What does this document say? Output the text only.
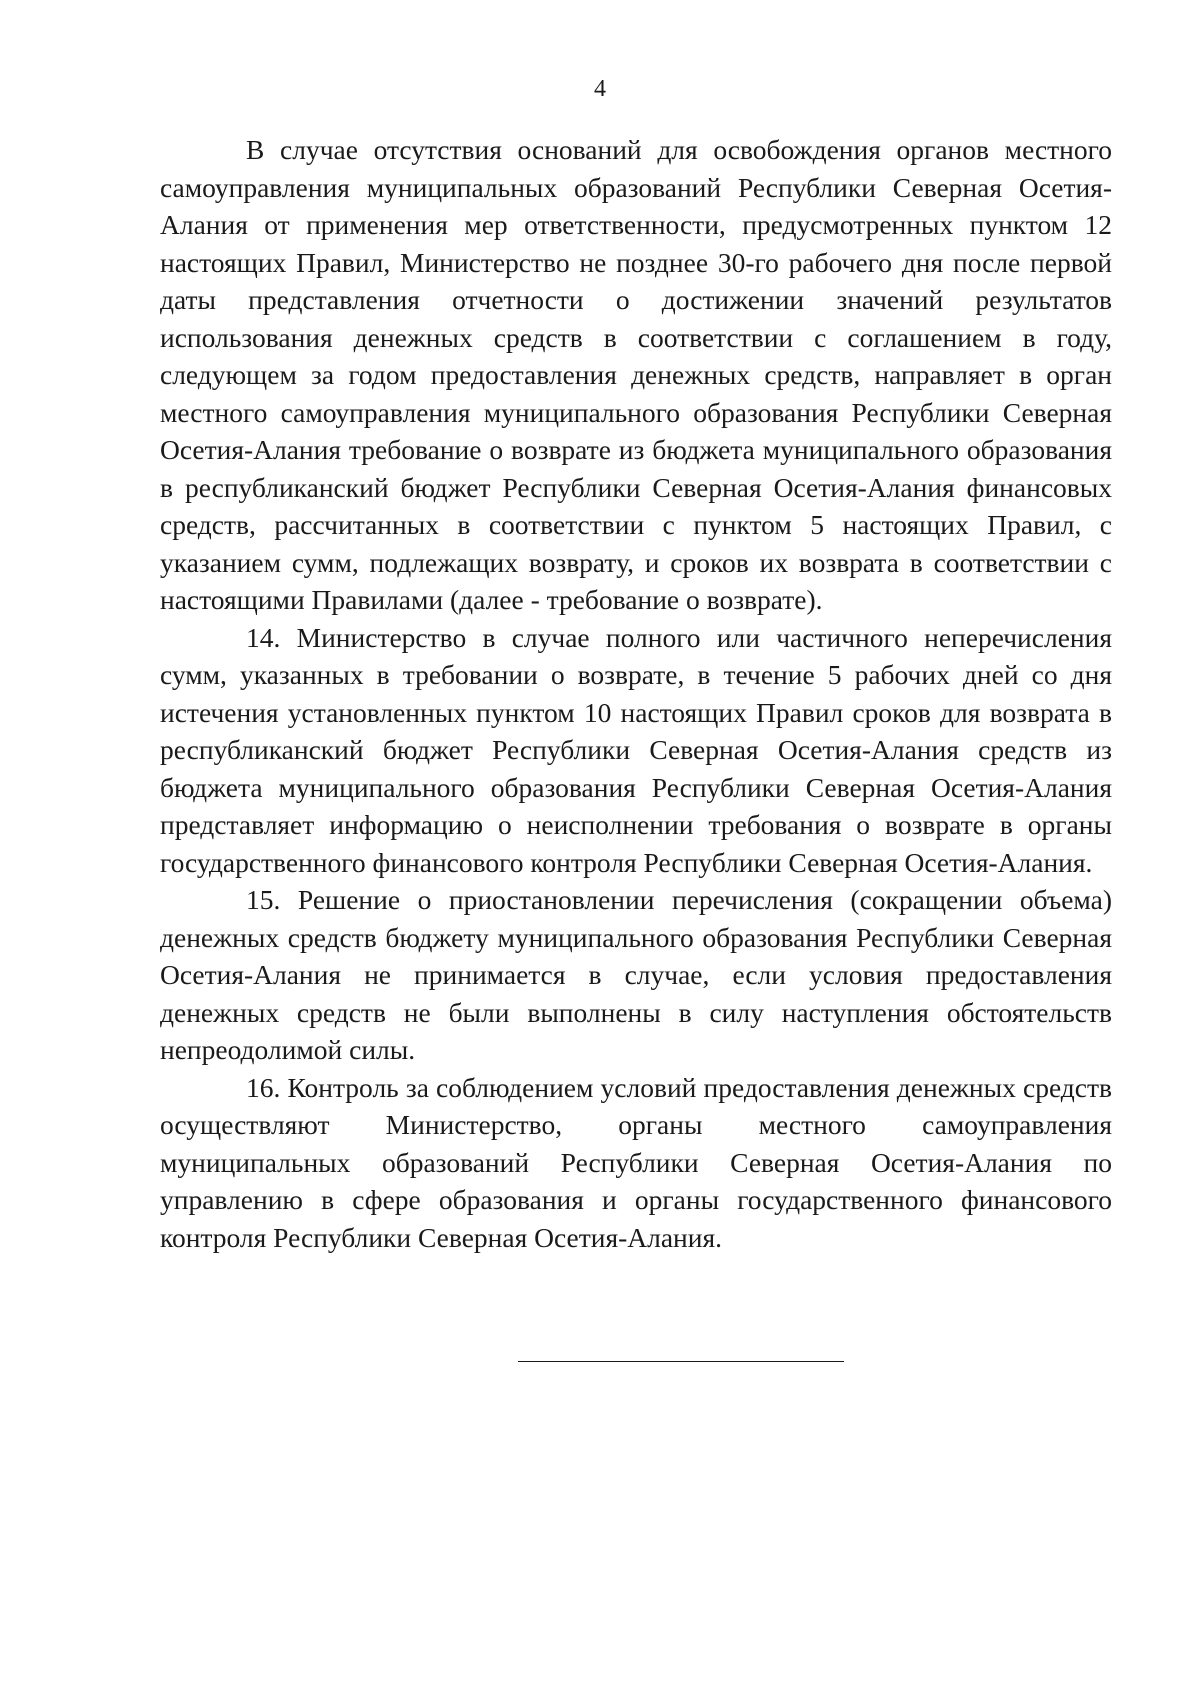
4

В случае отсутствия оснований для освобождения органов местного самоуправления муниципальных образований Республики Северная Осетия-Алания от применения мер ответственности, предусмотренных пунктом 12 настоящих Правил, Министерство не позднее 30-го рабочего дня после первой даты представления отчетности о достижении значений результатов использования денежных средств в соответствии с соглашением в году, следующем за годом предоставления денежных средств, направляет в орган местного самоуправления муниципального образования Республики Северная Осетия-Алания требование о возврате из бюджета муниципального образования в республиканский бюджет Республики Северная Осетия-Алания финансовых средств, рассчитанных в соответствии с пунктом 5 настоящих Правил, с указанием сумм, подлежащих возврату, и сроков их возврата в соответствии с настоящими Правилами (далее - требование о возврате).

14. Министерство в случае полного или частичного неперечисления сумм, указанных в требовании о возврате, в течение 5 рабочих дней со дня истечения установленных пунктом 10 настоящих Правил сроков для возврата в республиканский бюджет Республики Северная Осетия-Алания средств из бюджета муниципального образования Республики Северная Осетия-Алания представляет информацию о неисполнении требования о возврате в органы государственного финансового контроля Республики Северная Осетия-Алания.

15. Решение о приостановлении перечисления (сокращении объема) денежных средств бюджету муниципального образования Республики Северная Осетия-Алания не принимается в случае, если условия предоставления денежных средств не были выполнены в силу наступления обстоятельств непреодолимой силы.

16. Контроль за соблюдением условий предоставления денежных средств осуществляют Министерство, органы местного самоуправления муниципальных образований Республики Северная Осетия-Алания по управлению в сфере образования и органы государственного финансового контроля Республики Северная Осетия-Алания.
